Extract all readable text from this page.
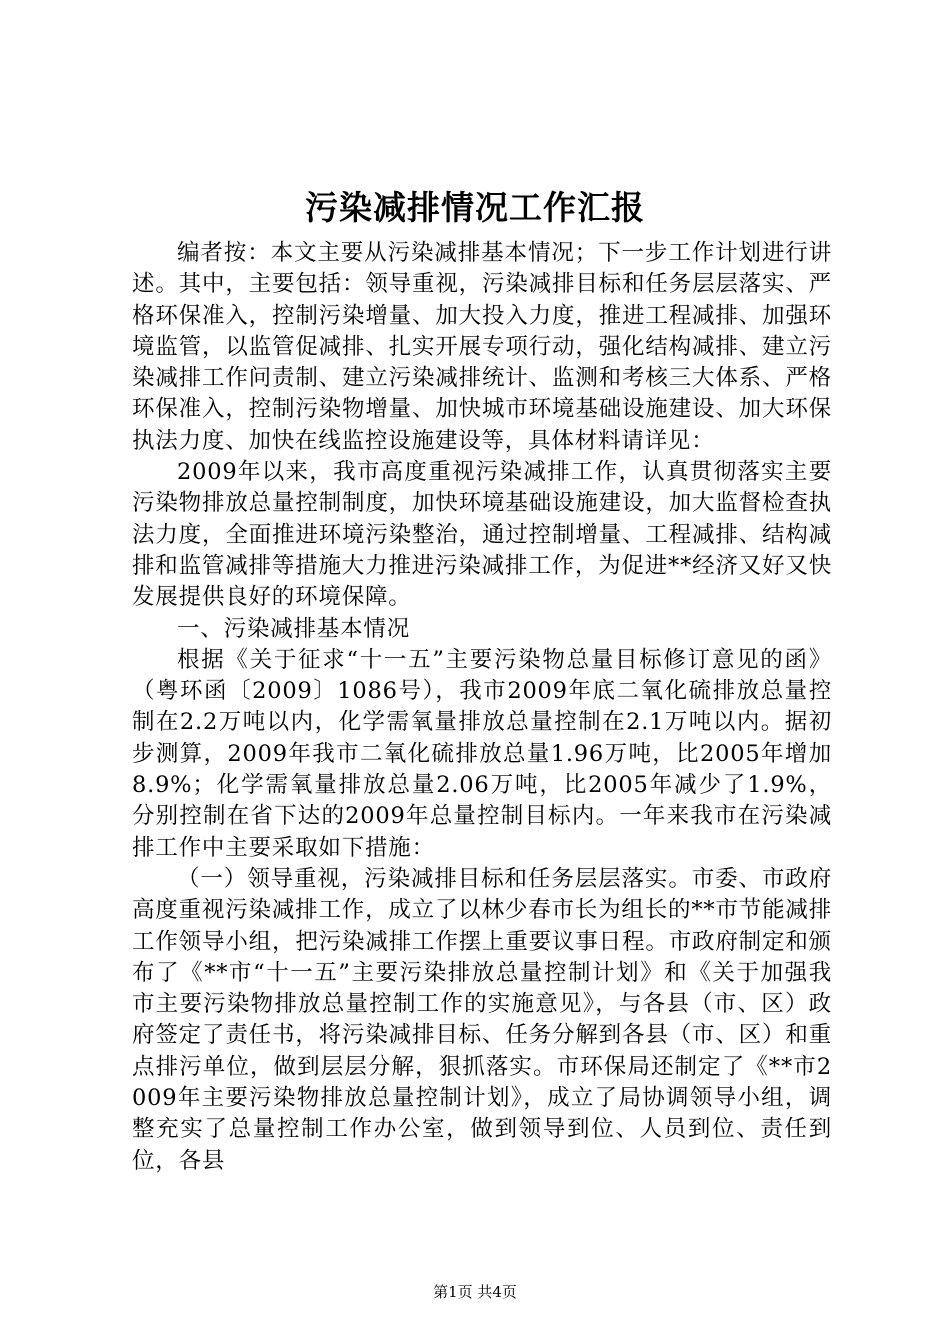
污染减排情况工作汇报

编者按：本文主要从污染减排基本情况；下一步工作计划进行讲述。其中，主要包括：领导重视，污染减排目标和任务层层落实、严格环保准入，控制污染增量、加大投入力度，推进工程减排、加强环境监管，以监管促减排、扎实开展专项行动，强化结构减排、建立污染减排工作问责制、建立污染减排统计、监测和考核三大体系、严格环保准入，控制污染物增量、加快城市环境基础设施建设、加大环保执法力度、加快在线监控设施建设等，具体材料请详见：

2009年以来，我市高度重视污染减排工作，认真贯彻落实主要污染物排放总量控制制度，加快环境基础设施建设，加大监督检查执法力度，全面推进环境污染整治，通过控制增量、工程减排、结构减排和监管减排等措施大力推进污染减排工作，为促进**经济又好又快发展提供良好的环境保障。

一、污染减排基本情况

根据《关于征求“十一五”主要污染物总量目标修订意见的函》（粤环函〔2009〕1086号），我市2009年底二氧化硫排放总量控制在2.2万吨以内，化学需氧量排放总量控制在2.1万吨以内。据初步测算，2009年我市二氧化硫排放总量1.96万吨，比2005年增加8.9%；化学需氧量排放总量2.06万吨，比2005年减少了1.9%，分别控制在省下达的2009年总量控制目标内。一年来我市在污染减排工作中主要采取如下措施：

（一）领导重视，污染减排目标和任务层层落实。市委、市政府高度重视污染减排工作，成立了以林少春市长为组长的**市节能减排工作领导小组，把污染减排工作摆上重要议事日程。市政府制定和颁布了《**市“十一五”主要污染排放总量控制计划》和《关于加强我市主要污染物排放总量控制工作的实施意见》，与各县（市、区）政府签定了责任书，将污染减排目标、任务分解到各县（市、区）和重点排污单位，做到层层分解，狠抓落实。市环保局还制定了《**市2009年主要污染物排放总量控制计划》，成立了局协调领导小组，调整充实了总量控制工作办公室，做到领导到位、人员到位、责任到位，各县

第1页 共4页
